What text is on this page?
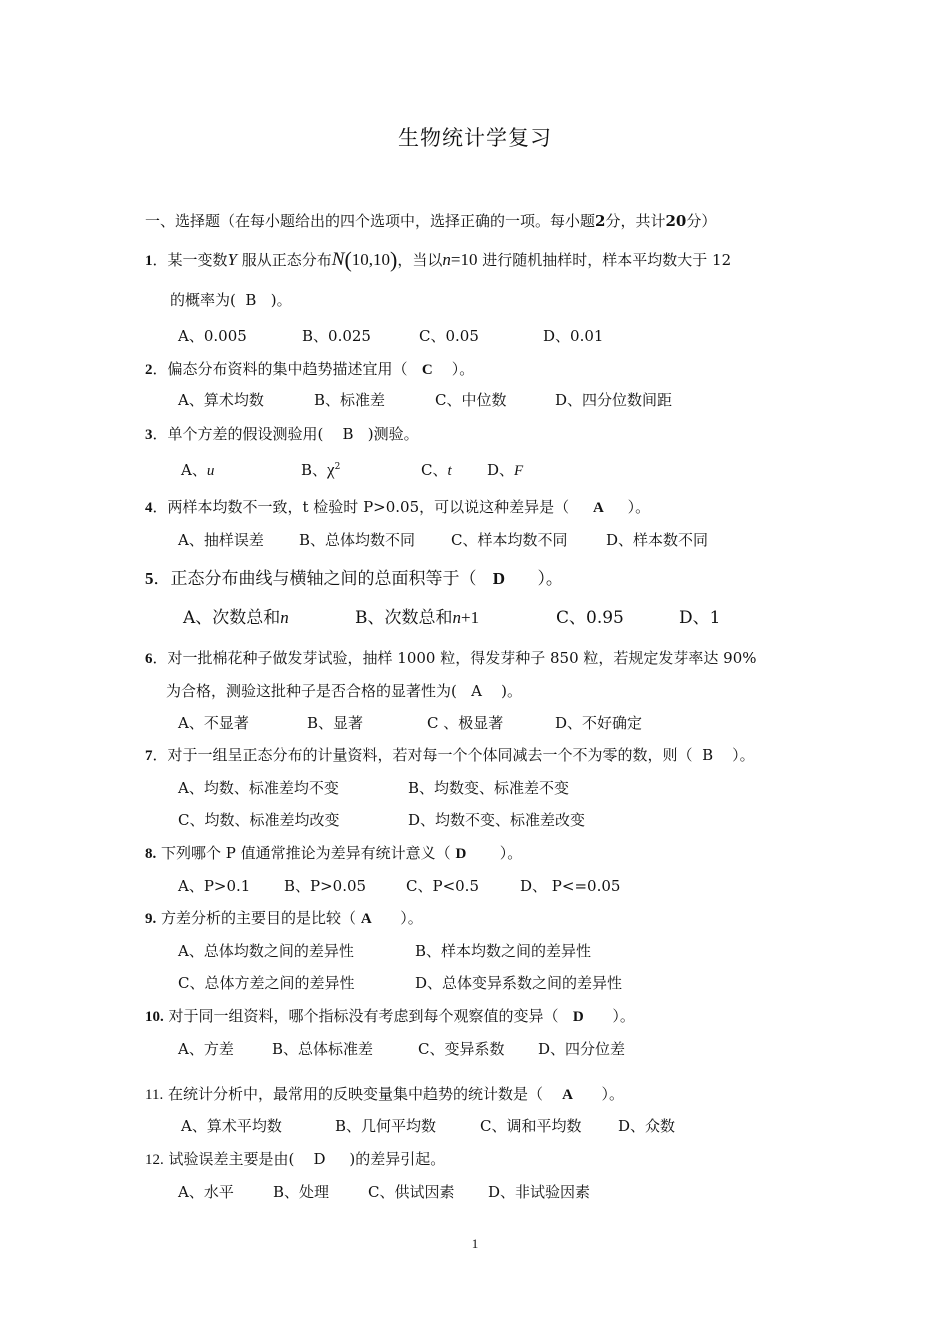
生物统计学复习
一、选择题（在每小题给出的四个选项中，选择正确的一项。每小题2分，共计20分）
1．某一变数Y 服从正态分布N(10,10)，当以n=10 进行随机抽样时，样本平均数大于 12
的概率为( B )。
A、0.005	B、0.025	C、0.05	D、0.01
2．偏态分布资料的集中趋势描述宜用（ C ）。
A、算术均数	B、标准差	C、中位数	D、四分位数间距
3．单个方差的假设测验用( B )测验。
A、u	B、$\chi^2$	C、t D、F
4．两样本均数不一致，t 检验时 P>0.05，可以说这种差异是（ A ）。
A、抽样误差 B、总体均数不同 C、样本均数不同	D、样本数不同
5．正态分布曲线与横轴之间的总面积等于（ D ）。
A、次数总和n	B、次数总和n+1	C、0.95	D、1
6．对一批棉花种子做发芽试验，抽样 1000 粒，得发芽种子 850 粒，若规定发芽率达 90%
为合格，测验这批种子是否合格的显著性为( A )。
A、不显著	B、显著	C 、极显著	D、不好确定
7．对于一组呈正态分布的计量资料，若对每一个个体同减去一个不为零的数，则（ B ）。
A、均数、标准差均不变	B、均数变、标准差不变
C、均数、标准差均改变	D、均数不变、标准差改变
8. 下列哪个 P 值通常推论为差异有统计意义（ D ）。
A、P>0.1 B、P>0.05	C、P<0.5	D、 P<=0.05
9. 方差分析的主要目的是比较（ A ）。
A、总体均数之间的差异性	B、样本均数之间的差异性
C、总体方差之间的差异性	D、总体变异系数之间的差异性
10. 对于同一组资料，哪个指标没有考虑到每个观察值的变异（ D ）。
A、方差	B、总体标准差	C、变异系数 D、四分位差
11. 在统计分析中，最常用的反映变量集中趋势的统计数是（ A ）。
A、算术平均数	B、几何平均数	C、调和平均数 D、众数
12. 试验误差主要是由( D )的差异引起。
A、水平	B、处理	C、供试因素 D、非试验因素
1
